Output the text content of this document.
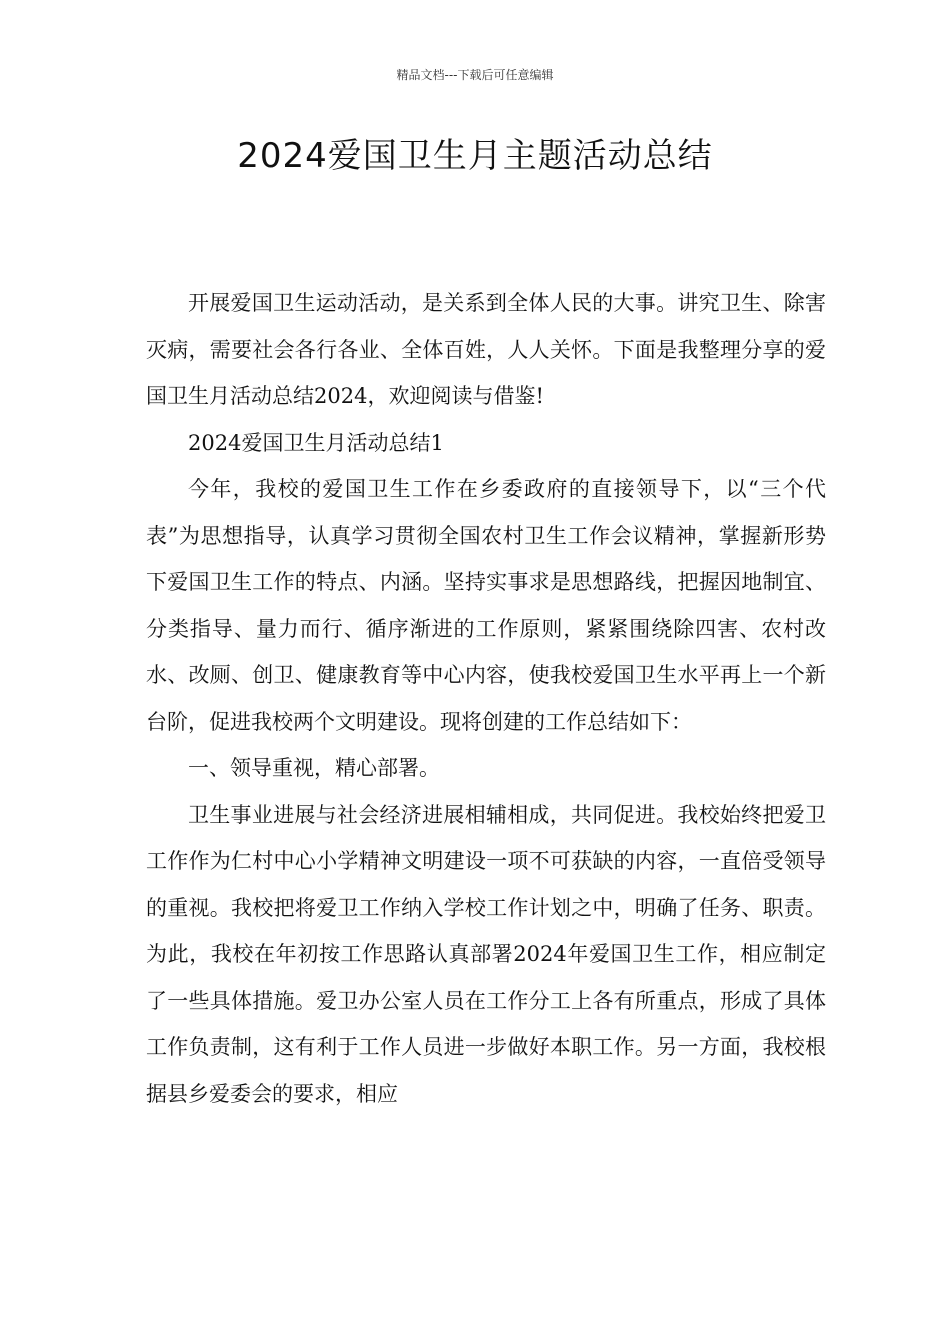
精品文档---下载后可任意编辑
2024爱国卫生月主题活动总结

开展爱国卫生运动活动，是关系到全体人民的大事。讲究卫生、除害灭病，需要社会各行各业、全体百姓，人人关怀。下面是我整理分享的爱国卫生月活动总结2024，欢迎阅读与借鉴!

2024爱国卫生月活动总结1

今年，我校的爱国卫生工作在乡委政府的直接领导下，以“三个代表”为思想指导，认真学习贯彻全国农村卫生工作会议精神，掌握新形势下爱国卫生工作的特点、内涵。坚持实事求是思想路线，把握因地制宜、分类指导、量力而行、循序渐进的工作原则，紧紧围绕除四害、农村改水、改厕、创卫、健康教育等中心内容，使我校爱国卫生水平再上一个新台阶，促进我校两个文明建设。现将创建的工作总结如下：

一、领导重视，精心部署。

卫生事业进展与社会经济进展相辅相成，共同促进。我校始终把爱卫工作作为仁村中心小学精神文明建设一项不可获缺的内容，一直倍受领导的重视。我校把将爱卫工作纳入学校工作计划之中，明确了任务、职责。为此，我校在年初按工作思路认真部署2024年爱国卫生工作，相应制定了一些具体措施。爱卫办公室人员在工作分工上各有所重点，形成了具体工作负责制，这有利于工作人员进一步做好本职工作。另一方面，我校根据县乡爱委会的要求，相应
